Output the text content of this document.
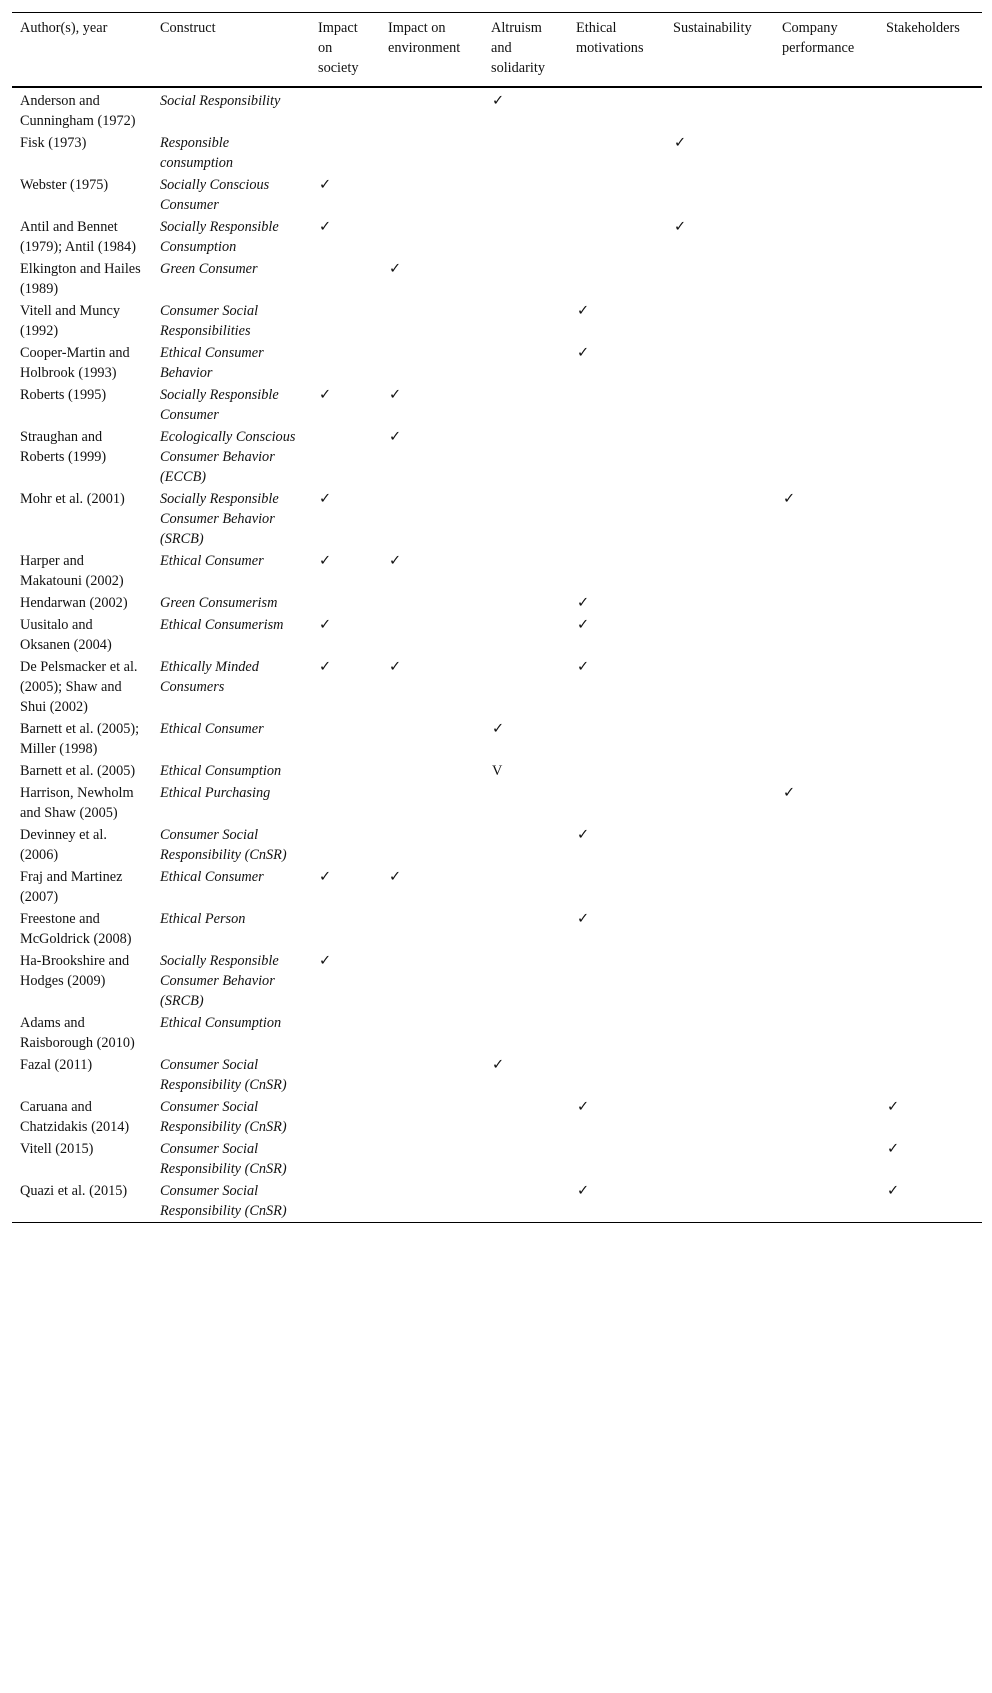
Author(s), year	Construct	Impact on society	Impact on environment	Altruism and solidarity	Ethical motivations	Sustainability	Company performance	Stakeholders
Anderson and Cunningham (1972)	Social Responsibility			✓				
Fisk (1973)	Responsible consumption					✓		
Webster (1975)	Socially Conscious Consumer	✓						
Antil and Bennet (1979); Antil (1984)	Socially Responsible Consumption	✓				✓		
Elkington and Hailes (1989)	Green Consumer		✓					
Vitell and Muncy (1992)	Consumer Social Responsibilities				✓			
Cooper-Martin and Holbrook (1993)	Ethical Consumer Behavior				✓			
Roberts (1995)	Socially Responsible Consumer	✓	✓					
Straughan and Roberts (1999)	Ecologically Conscious Consumer Behavior (ECCB)		✓					
Mohr et al. (2001)	Socially Responsible Consumer Behavior (SRCB)	✓					✓	
Harper and Makatouni (2002)	Ethical Consumer	✓	✓					
Hendarwan (2002)	Green Consumerism				✓			
Uusitalo and Oksanen (2004)	Ethical Consumerism	✓			✓			
De Pelsmacker et al. (2005); Shaw and Shui (2002)	Ethically Minded Consumers	✓	✓		✓			
Barnett et al. (2005); Miller (1998)	Ethical Consumer			✓				
Barnett et al. (2005)	Ethical Consumption			V				
Harrison, Newholm and Shaw (2005)	Ethical Purchasing						✓	
Devinney et al. (2006)	Consumer Social Responsibility (CnSR)				✓			
Fraj and Martinez (2007)	Ethical Consumer	✓	✓					
Freestone and McGoldrick (2008)	Ethical Person				✓			
Ha-Brookshire and Hodges (2009)	Socially Responsible Consumer Behavior (SRCB)	✓						
Adams and Raisborough (2010)	Ethical Consumption							
Fazal (2011)	Consumer Social Responsibility (CnSR)			✓				
Caruana and Chatzidakis (2014)	Consumer Social Responsibility (CnSR)				✓			✓
Vitell (2015)	Consumer Social Responsibility (CnSR)							✓
Quazi et al. (2015)	Consumer Social Responsibility (CnSR)				✓			✓
